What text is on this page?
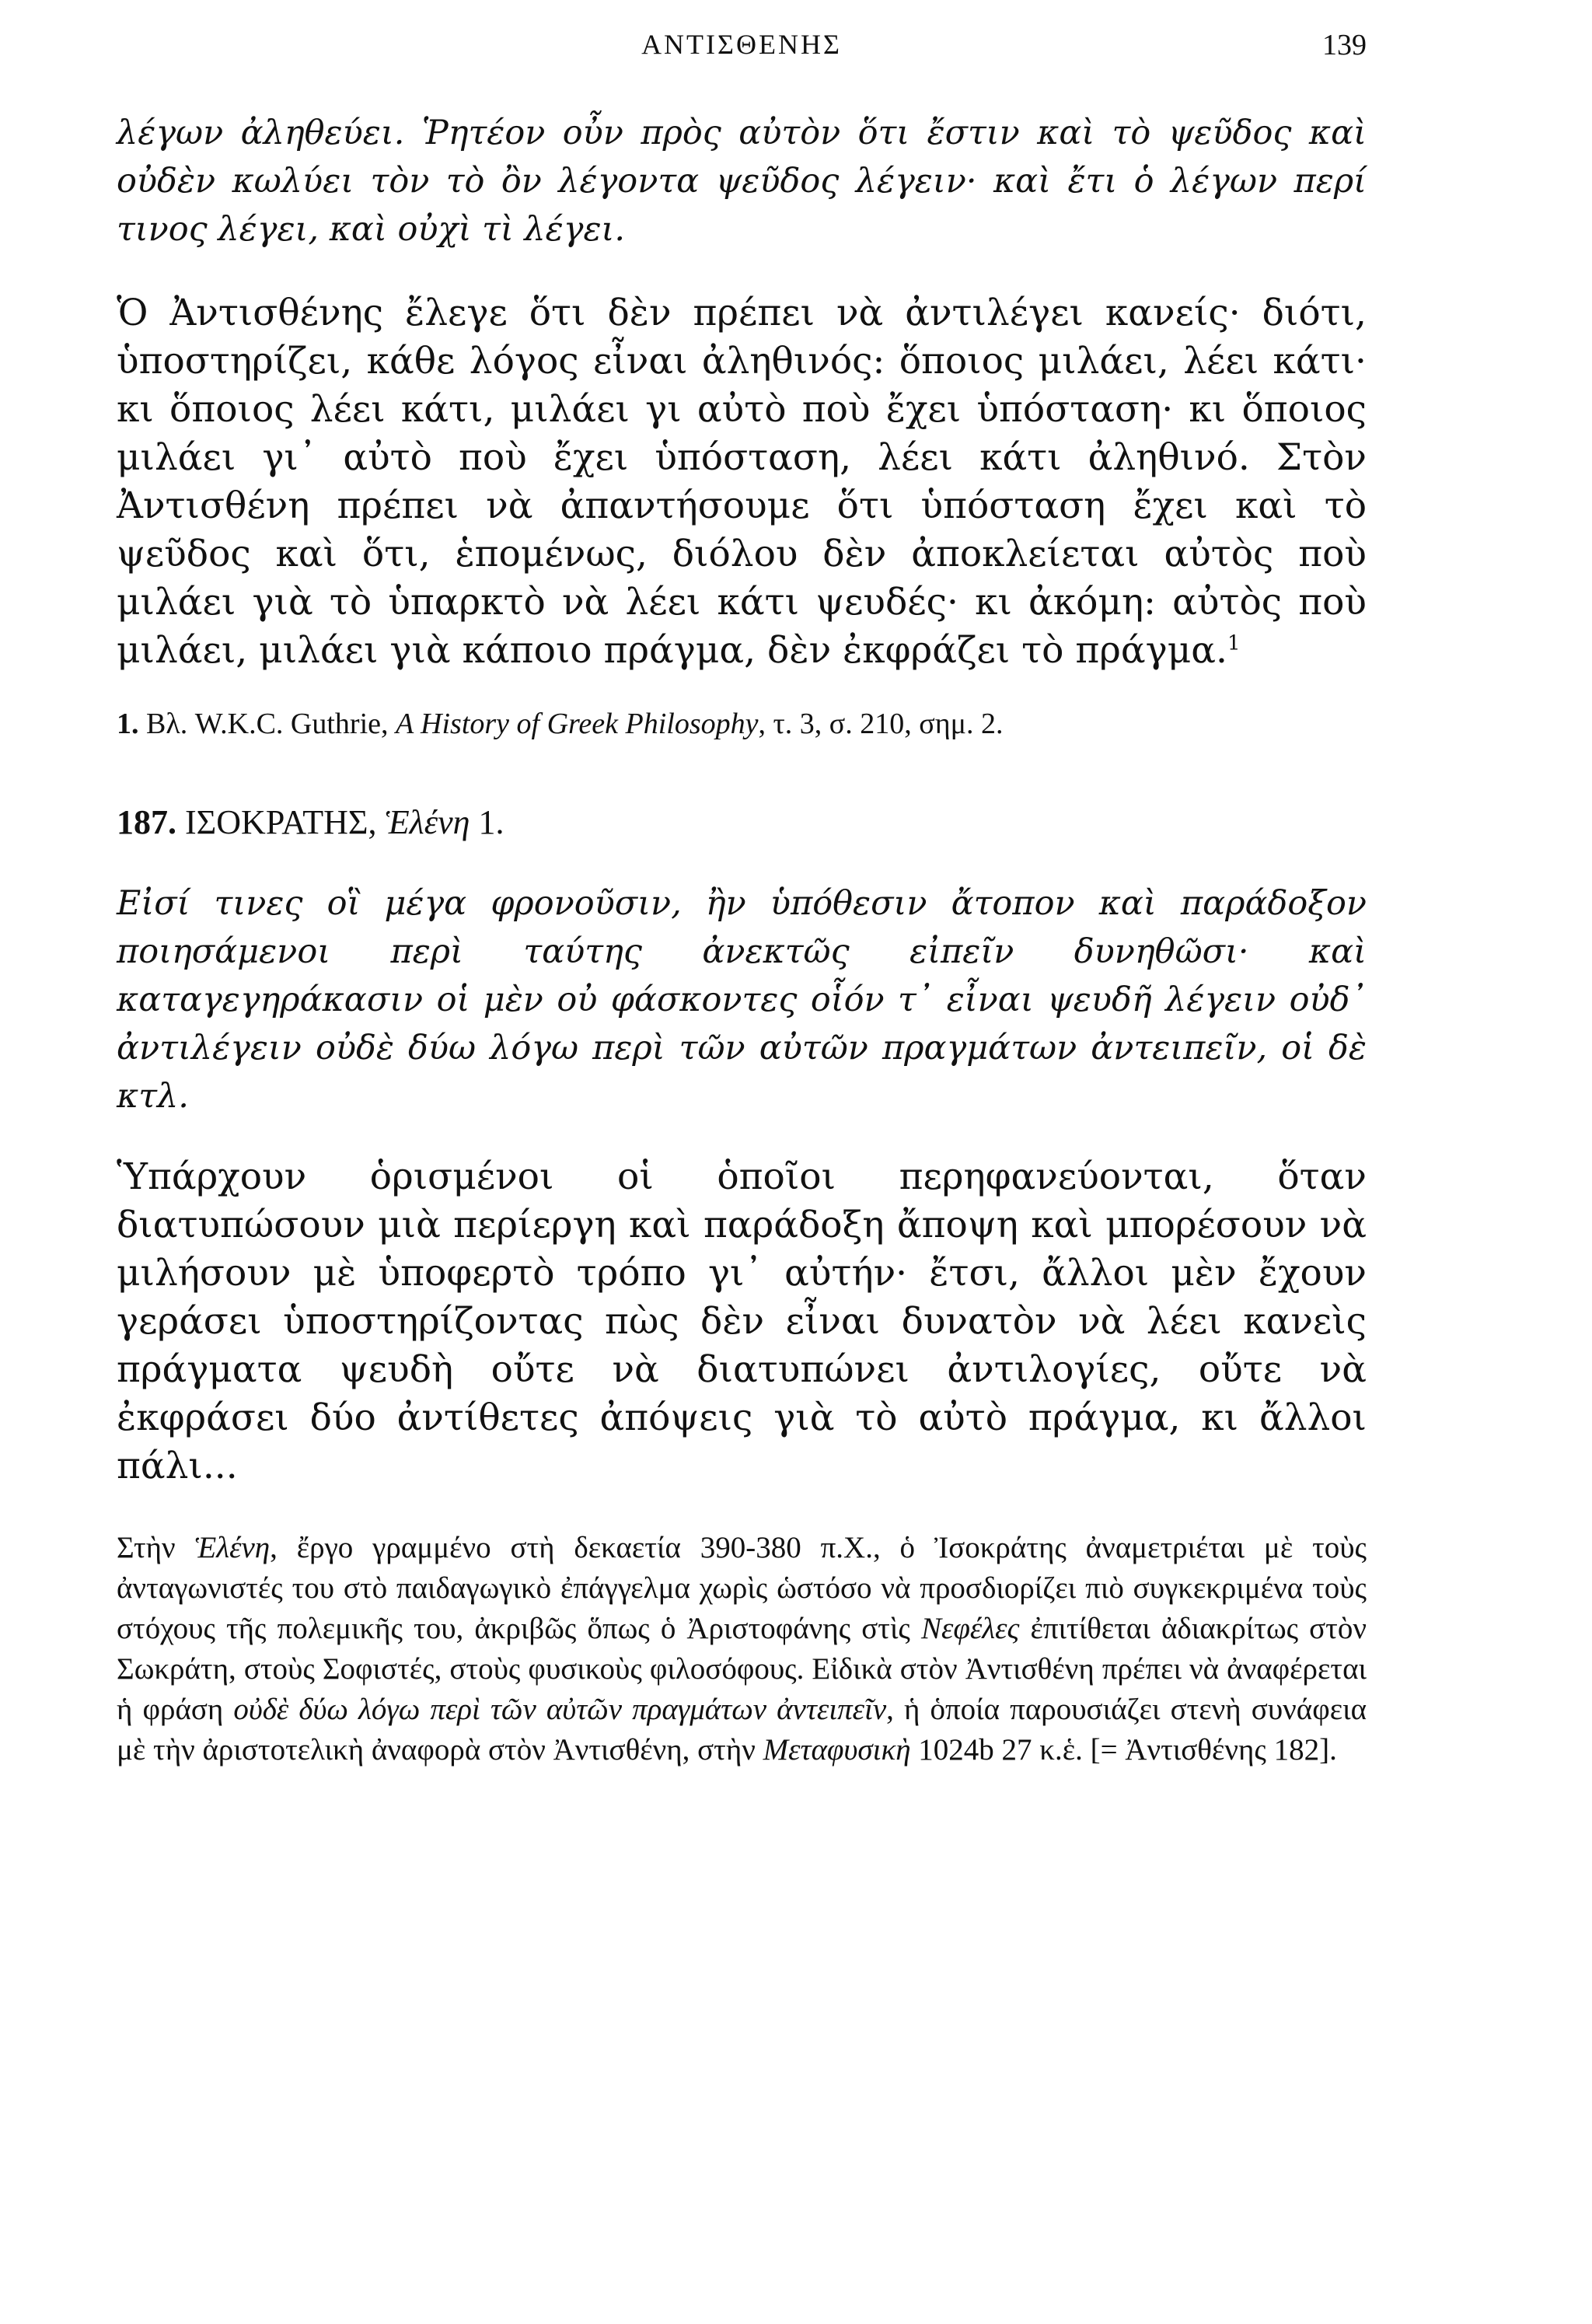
ΑΝΤΙΣΘΕΝΗΣ	139

λέγων ἀληθεύει. Ῥητέον οὖν πρὸς αὐτὸν ὅτι ἔστιν καὶ τὸ ψεῦδος καὶ οὐδὲν κωλύει τὸν τὸ ὂν λέγοντα ψεῦδος λέγειν· καὶ ἔτι ὁ λέγων περί τινος λέγει, καὶ οὐχὶ τὶ λέγει.

Ὁ Ἀντισθένης ἔλεγε ὅτι δὲν πρέπει νὰ ἀντιλέγει κανείς· διότι, ὑποστηρίζει, κάθε λόγος εἶναι ἀληθινός: ὅποιος μιλάει, λέει κάτι· κι ὅποιος λέει κάτι, μιλάει γι αὐτὸ ποὺ ἔχει ὑπόσταση· κι ὅποιος μιλάει γι᾽ αὐτὸ ποὺ ἔχει ὑπόσταση, λέει κάτι ἀληθινό. Στὸν Ἀντισθένη πρέπει νὰ ἀπαντήσουμε ὅτι ὑπόσταση ἔχει καὶ τὸ ψεῦδος καὶ ὅτι, ἑπομένως, διόλου δὲν ἀποκλείεται αὐτὸς ποὺ μιλάει γιὰ τὸ ὑπαρκτὸ νὰ λέει κάτι ψευδές· κι ἀκόμη: αὐτὸς ποὺ μιλάει, μιλάει γιὰ κάποιο πράγμα, δὲν ἐκφράζει τὸ πράγμα.$^1$

1. Βλ. W.K.C. Guthrie, A History of Greek Philosophy, τ. 3, σ. 210, σημ. 2.

187. ΙΣΟΚΡΑΤΗΣ, Ἑλένη 1.

Εἰσί τινες οἳ μέγα φρονοῦσιν, ἢν ὑπόθεσιν ἄτοπον καὶ παράδοξον ποιησάμενοι περὶ ταύτης ἀνεκτῶς εἰπεῖν δυνηθῶσι· καὶ καταγεγηράκασιν οἱ μὲν οὐ φάσκοντες οἷόν τ᾽ εἶναι ψευδῆ λέγειν οὐδ᾽ ἀντιλέγειν οὐδὲ δύω λόγω περὶ τῶν αὐτῶν πραγμάτων ἀντειπεῖν, οἱ δὲ κτλ.

Ὑπάρχουν ὁρισμένοι οἱ ὁποῖοι περηφανεύονται, ὅταν διατυπώσουν μιὰ περίεργη καὶ παράδοξη ἄποψη καὶ μπορέσουν νὰ μιλήσουν μὲ ὑποφερτὸ τρόπο γι᾽ αὐτήν· ἔτσι, ἄλλοι μὲν ἔχουν γεράσει ὑποστηρίζοντας πὼς δὲν εἶναι δυνατὸν νὰ λέει κανεὶς πράγματα ψευδὴ οὔτε νὰ διατυπώνει ἀντιλογίες, οὔτε νὰ ἐκφράσει δύο ἀντίθετες ἀπόψεις γιὰ τὸ αὐτὸ πράγμα, κι ἄλλοι πάλι...

Στὴν Ἑλένη, ἔργο γραμμένο στὴ δεκαετία 390-380 π.Χ., ὁ Ἰσοκράτης ἀναμετριέται μὲ τοὺς ἀνταγωνιστές του στὸ παιδαγωγικὸ ἐπάγγελμα χωρὶς ὡστόσο νὰ προσδιορίζει πιὸ συγκεκριμένα τοὺς στόχους τῆς πολεμικῆς του, ἀκριβῶς ὅπως ὁ Ἀριστοφάνης στὶς Νεφέλες ἐπιτίθεται ἀδιακρίτως στὸν Σωκράτη, στοὺς Σοφιστές, στοὺς φυσικοὺς φιλοσόφους. Εἰδικὰ στὸν Ἀντισθένη πρέπει νὰ ἀναφέρεται ἡ φράση οὐδὲ δύω λόγω περὶ τῶν αὐτῶν πραγμάτων ἀντειπεῖν, ἡ ὁποία παρουσιάζει στενὴ συνάφεια μὲ τὴν ἀριστοτελικὴ ἀναφορὰ στὸν Ἀντισθένη, στὴν Μεταφυσικὴ 1024b 27 κ.ἑ. [= Ἀντισθένης 182].
